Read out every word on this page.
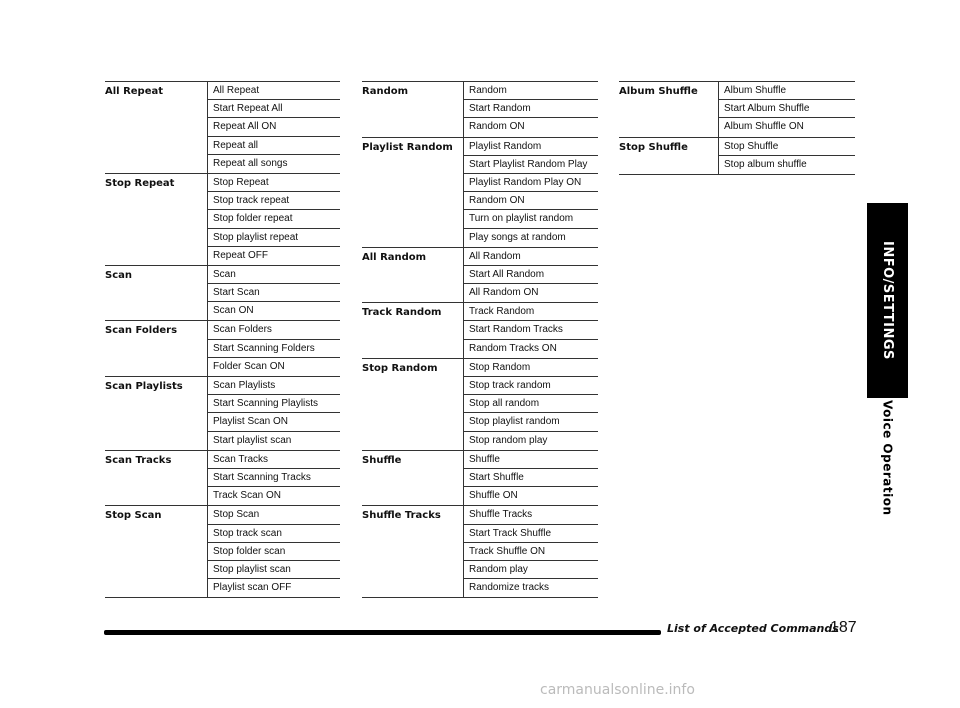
All Repeat	All Repeat
Start Repeat All
Repeat All ON
Repeat all
Repeat all songs
Stop Repeat	Stop Repeat
Stop track repeat
Stop folder repeat
Stop playlist repeat
Repeat OFF
Scan	Scan
Start Scan
Scan ON
Scan Folders	Scan Folders
Start Scanning Folders
Folder Scan ON
Scan Playlists	Scan Playlists
Start Scanning Playlists
Playlist Scan ON
Start playlist scan
Scan Tracks	Scan Tracks
Start Scanning Tracks
Track Scan ON
Stop Scan	Stop Scan
Stop track scan
Stop folder scan
Stop playlist scan
Playlist scan OFF
Random	Random
Start Random
Random ON
Playlist Random	Playlist Random
Start Playlist Random Play
Playlist Random Play ON
Random ON
Turn on playlist random
Play songs at random
All Random	All Random
Start All Random
All Random ON
Track Random	Track Random
Start Random Tracks
Random Tracks ON
Stop Random	Stop Random
Stop track random
Stop all random
Stop playlist random
Stop random play
Shuffle	Shuffle
Start Shuffle
Shuffle ON
Shuffle Tracks	Shuffle Tracks
Start Track Shuffle
Track Shuffle ON
Random play
Randomize tracks
Album Shuffle	Album Shuffle
Start Album Shuffle
Album Shuffle ON
Stop Shuffle	Stop Shuffle
Stop album shuffle
INFO/SETTINGS
Voice Operation
List of Accepted Commands
187
carmanualsonline.info
